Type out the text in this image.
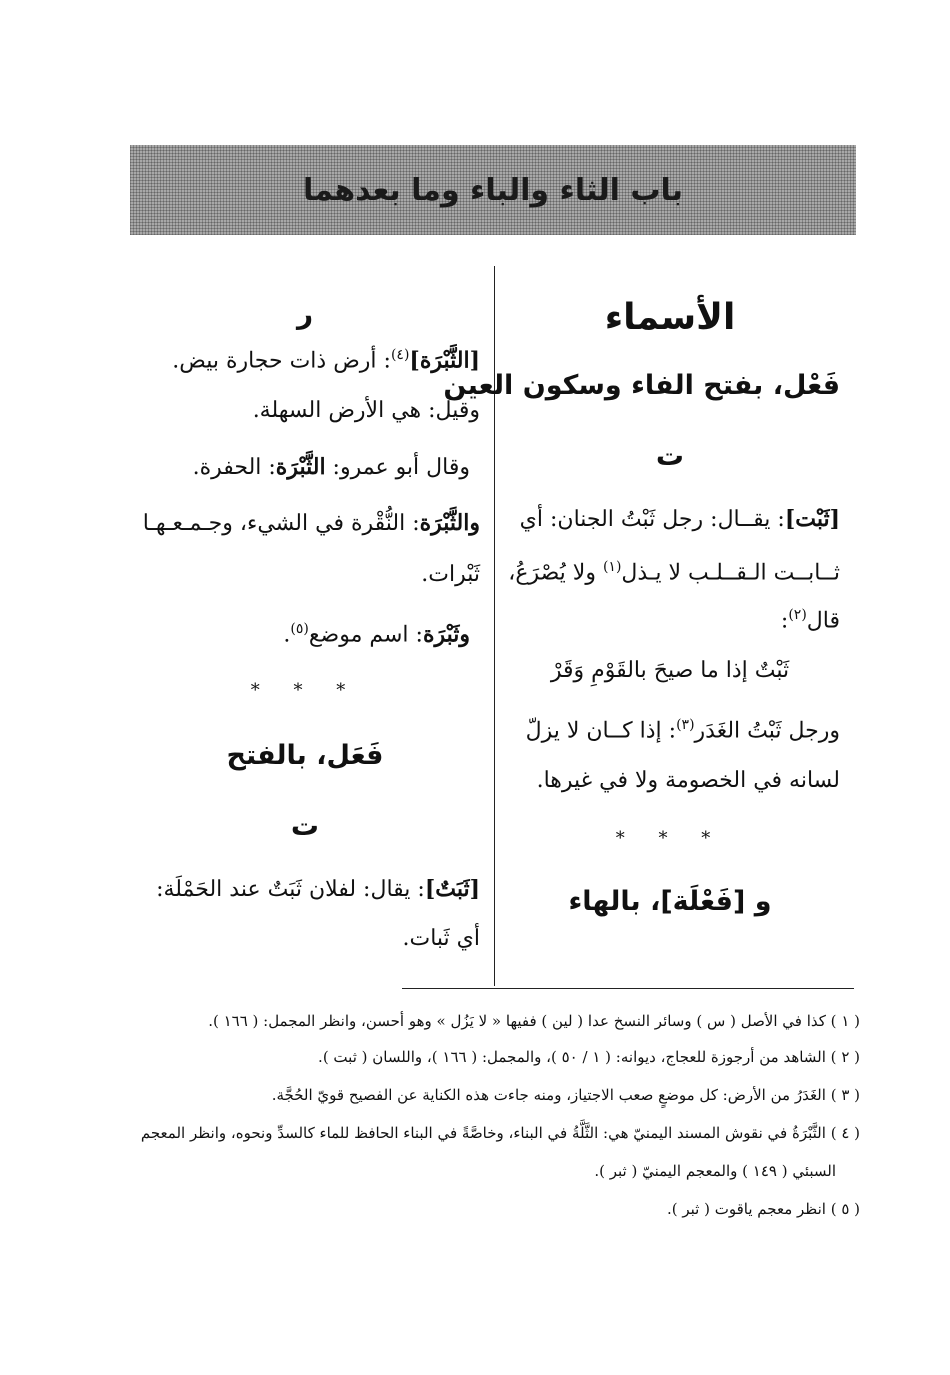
باب الثاء والباء وما بعدهما
الأسماء
فَعْل، بفتح الفاء وسكون العين
ت
[ثَبْت]: يقــال: رجل ثَبْتُ الجنان: أي
ثــابــت الـقــلـب لا يـذل$^{(١)}$ ولا يُصْرَعُ،
قال$^{(٢)}$:
ثَبْتٌ إذا ما صيحَ بالقَوْمِ وَقَرْ
ورجل ثَبْتُ الغَدَر$^{(٣)}$: إذا كــان لا يزلّ
لسانه في الخصومة ولا في غيرها.
* * *
و [فَعْلَة]، بالهاء
ر
[الثَّبْرَة]$^{(٤)}$: أرض ذات حجارة بيض.
وقيل: هي الأرض السهلة.
وقال أبو عمرو: الثَّبْرَة: الحفرة.
والثَّبْرَة: النُّقْرة في الشيء، وجـمـعـهـا
ثَبْرات.
وثَبْرَة: اسم موضع$^{(٥)}$.
* * *
فَعَل، بالفتح
ت
[ثَبَتٌ]: يقال: لفلان ثَبَتٌ عند الحَمْلَة:
أي ثَبات.
( ١ ) كذا في الأصل ( س ) وسائر النسخ عدا ( لين ) ففيها « لا يَزُل » وهو أحسن، وانظر المجمل: ( ١٦٦ ).
( ٢ ) الشاهد من أرجوزة للعجاج، ديوانه: ( ١ / ٥٠ )، والمجمل: ( ١٦٦ )، واللسان ( ثبت ).
( ٣ ) الغَدَرُ من الأرض: كل موضعٍ صعب الاجتياز، ومنه جاءت هذه الكناية عن الفصيح قويّ الحُجَّة.
( ٤ ) الثَّبْرَةُ في نقوش المسند اليمنيّ هي: الثَّلَّةُ في البناء، وخاصَّةً في البناء الحافظ للماء كالسدِّ ونحوه، وانظر المعجم
السبئي ( ١٤٩ ) والمعجم اليمنيّ ( ثبر ).
( ٥ ) انظر معجم ياقوت ( ثبر ).
